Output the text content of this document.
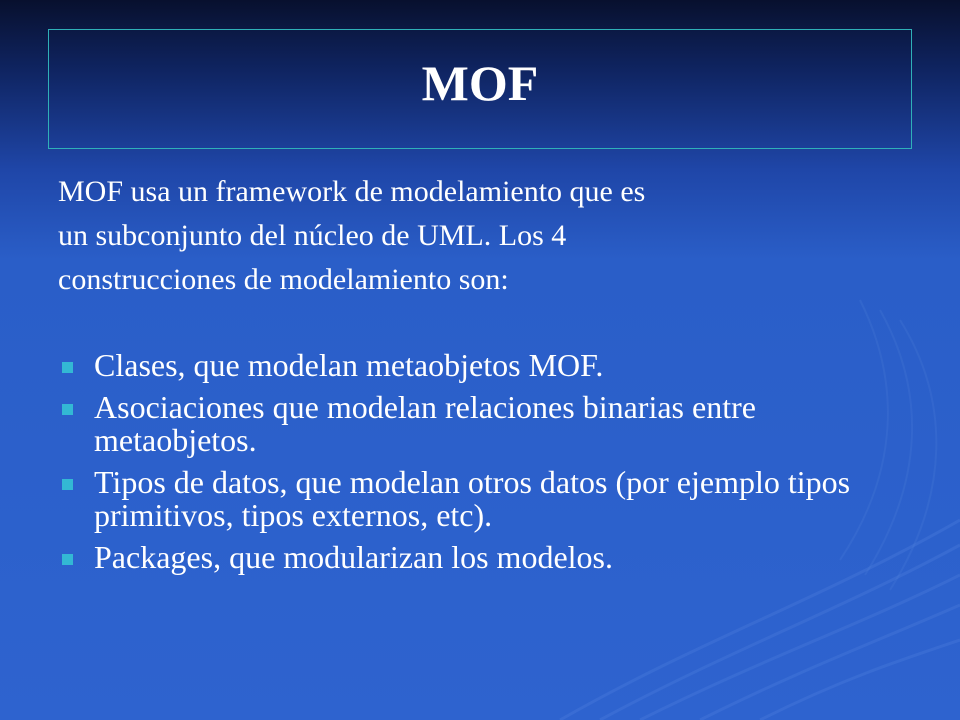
MOF

MOF usa un framework de modelamiento que es
un subconjunto del núcleo de UML. Los 4
construcciones de modelamiento son:

Clases, que modelan metaobjetos MOF.
Asociaciones que modelan relaciones binarias entre metaobjetos.
Tipos de datos, que modelan otros datos (por ejemplo tipos primitivos, tipos externos, etc).
Packages, que modularizan los modelos.
